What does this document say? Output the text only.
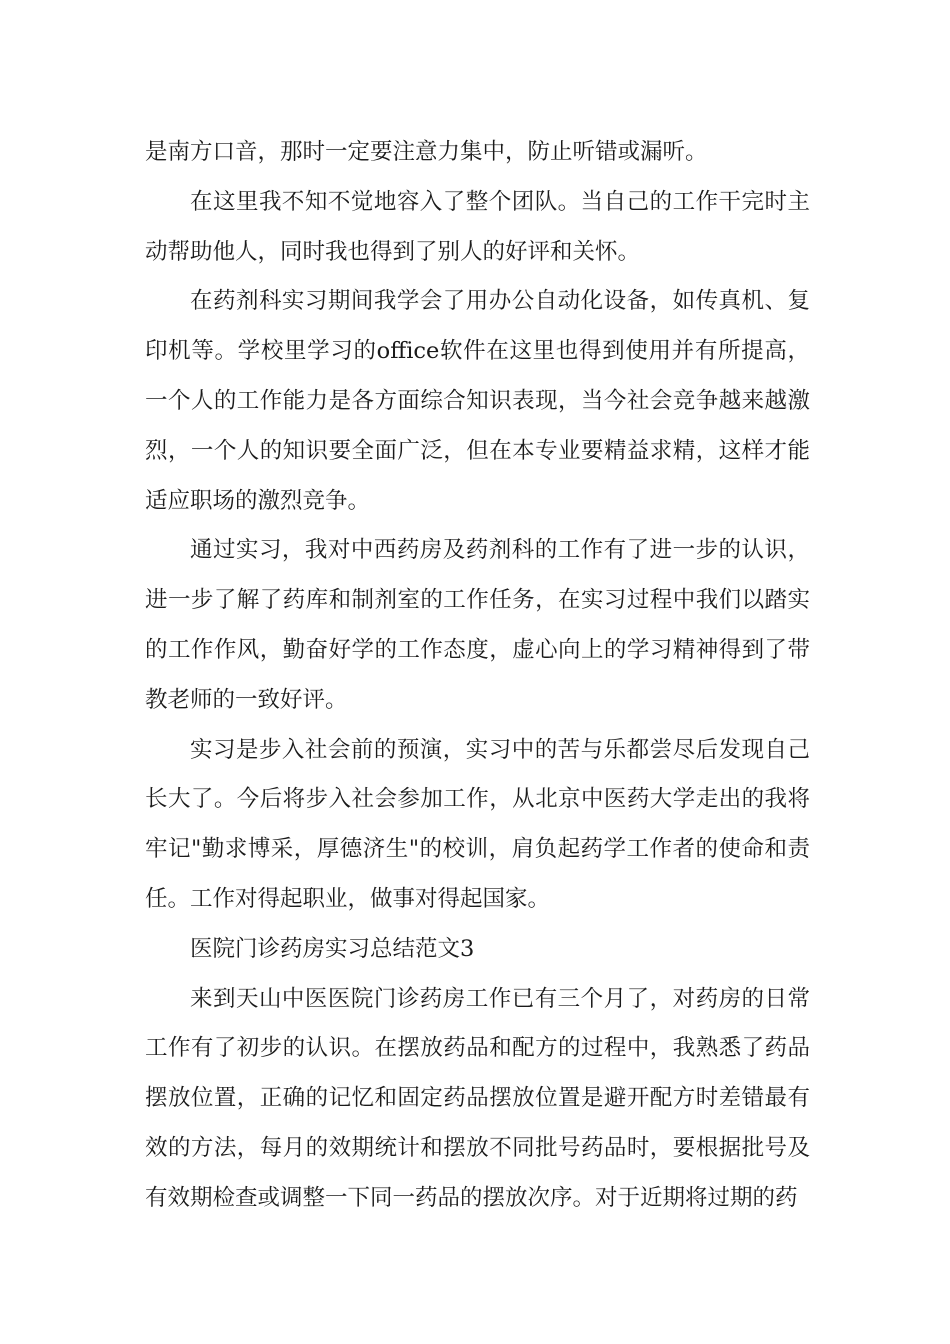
是南方口音，那时一定要注意力集中，防止听错或漏听。

在这里我不知不觉地容入了整个团队。当自己的工作干完时主动帮助他人，同时我也得到了别人的好评和关怀。

在药剂科实习期间我学会了用办公自动化设备，如传真机、复印机等。学校里学习的office软件在这里也得到使用并有所提高，一个人的工作能力是各方面综合知识表现，当今社会竞争越来越激烈，一个人的知识要全面广泛，但在本专业要精益求精，这样才能适应职场的激烈竞争。

通过实习，我对中西药房及药剂科的工作有了进一步的认识，进一步了解了药库和制剂室的工作任务，在实习过程中我们以踏实的工作作风，勤奋好学的工作态度，虚心向上的学习精神得到了带教老师的一致好评。

实习是步入社会前的预演，实习中的苦与乐都尝尽后发现自己长大了。今后将步入社会参加工作，从北京中医药大学走出的我将牢记"勤求博采，厚德济生"的校训，肩负起药学工作者的使命和责任。工作对得起职业，做事对得起国家。

医院门诊药房实习总结范文3

来到天山中医医院门诊药房工作已有三个月了，对药房的日常工作有了初步的认识。在摆放药品和配方的过程中，我熟悉了药品摆放位置，正确的记忆和固定药品摆放位置是避开配方时差错最有效的方法，每月的效期统计和摆放不同批号药品时，要根据批号及有效期检查或调整一下同一药品的摆放次序。对于近期将过期的药
